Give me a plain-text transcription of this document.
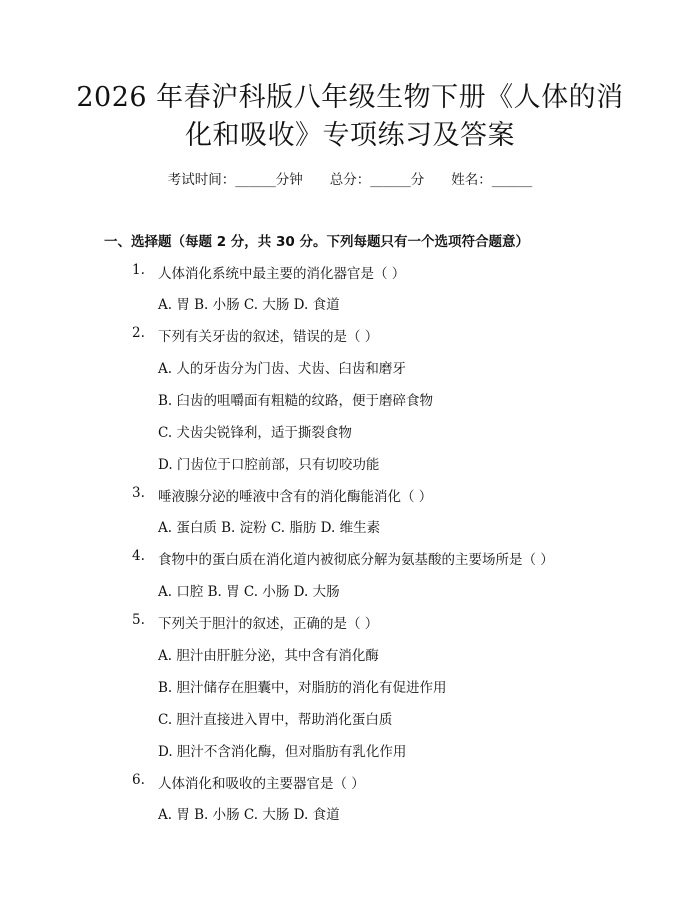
2026 年春沪科版八年级生物下册《人体的消
化和吸收》专项练习及答案
考试时间：______分钟　　总分：______分　　姓名：______
一、选择题（每题 2 分，共 30 分。下列每题只有一个选项符合题意）
1. 人体消化系统中最主要的消化器官是（ ）
A. 胃 B. 小肠 C. 大肠 D. 食道
2. 下列有关牙齿的叙述，错误的是（ ）
A. 人的牙齿分为门齿、犬齿、臼齿和磨牙
B. 臼齿的咀嚼面有粗糙的纹路，便于磨碎食物
C. 犬齿尖锐锋利，适于撕裂食物
D. 门齿位于口腔前部，只有切咬功能
3. 唾液腺分泌的唾液中含有的消化酶能消化（ ）
A. 蛋白质 B. 淀粉 C. 脂肪 D. 维生素
4. 食物中的蛋白质在消化道内被彻底分解为氨基酸的主要场所是（ ）
A. 口腔 B. 胃 C. 小肠 D. 大肠
5. 下列关于胆汁的叙述，正确的是（ ）
A. 胆汁由肝脏分泌，其中含有消化酶
B. 胆汁储存在胆囊中，对脂肪的消化有促进作用
C. 胆汁直接进入胃中，帮助消化蛋白质
D. 胆汁不含消化酶，但对脂肪有乳化作用
6. 人体消化和吸收的主要器官是（ ）
A. 胃 B. 小肠 C. 大肠 D. 食道
